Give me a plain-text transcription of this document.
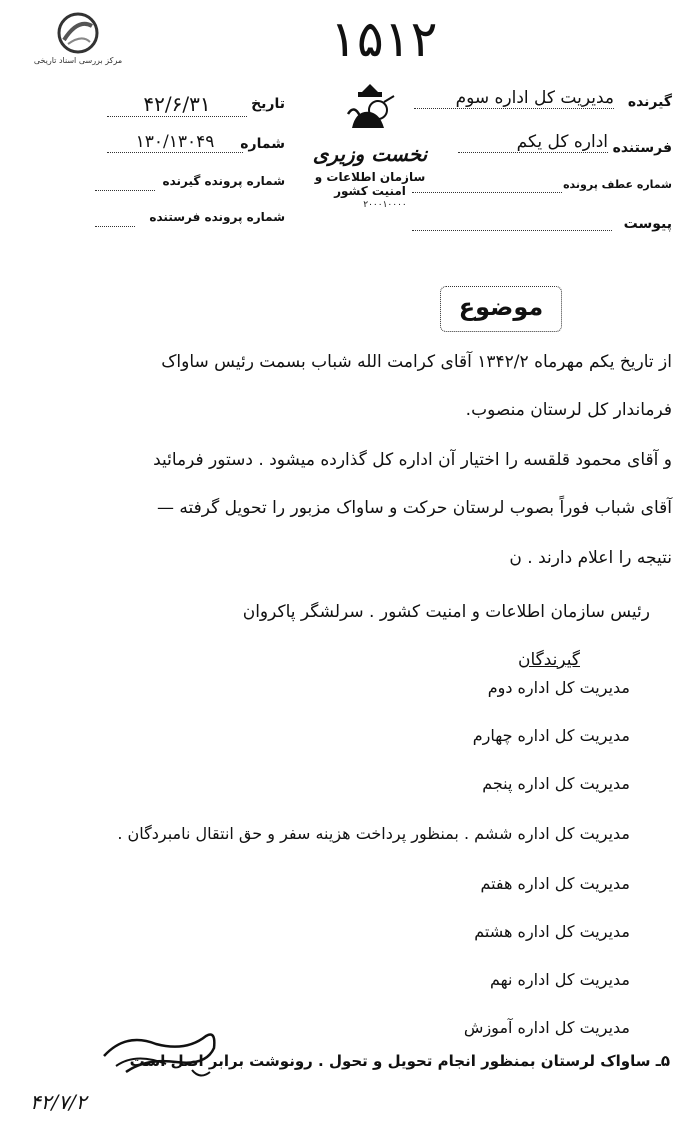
مرکز بررسی اسناد تاریخی	۱۵۱۲
نخست وزیری
سازمان اطلاعات و امنیت کشور
۲۰۰۰۱۰۰۰۰
تاریخ
۴۲/۶/۳۱
شماره
۱۳۰/۱۳۰۴۹
شماره پرونده گیرنده
شماره پرونده فرستنده
گیرنده
مدیریت کل اداره سوم
فرستنده
اداره کل یکم
شماره عطف پرونده
پیوست
موضوع
از تاریخ یکم مهرماه ۱۳۴۲/۲ آقای کرامت الله شباب بسمت رئیس ساواک
فرماندار کل لرستان منصوب.
و آقای محمود قلقسه را اختیار آن اداره کل گذارده میشود . دستور فرمائید
آقای شباب فوراً بصوب لرستان حرکت و ساواک مزبور را تحویل گرفته —
نتیجه را اعلام دارند . ن
رئیس سازمان اطلاعات و امنیت کشور . سرلشگر پاکروان
گیرندگان
مدیریت کل اداره دوم
مدیریت کل اداره چهارم
مدیریت کل اداره پنجم
مدیریت کل اداره ششم . بمنظور پرداخت هزینه سفر و حق انتقال نامبردگان .
مدیریت کل اداره هفتم
مدیریت کل اداره هشتم
مدیریت کل اداره نهم
مدیریت کل اداره آموزش
۵ـ ساواک لرستان بمنظور انجام تحویل و تحول . رونوشت برابر اصل است
۴۲/۷/۲
